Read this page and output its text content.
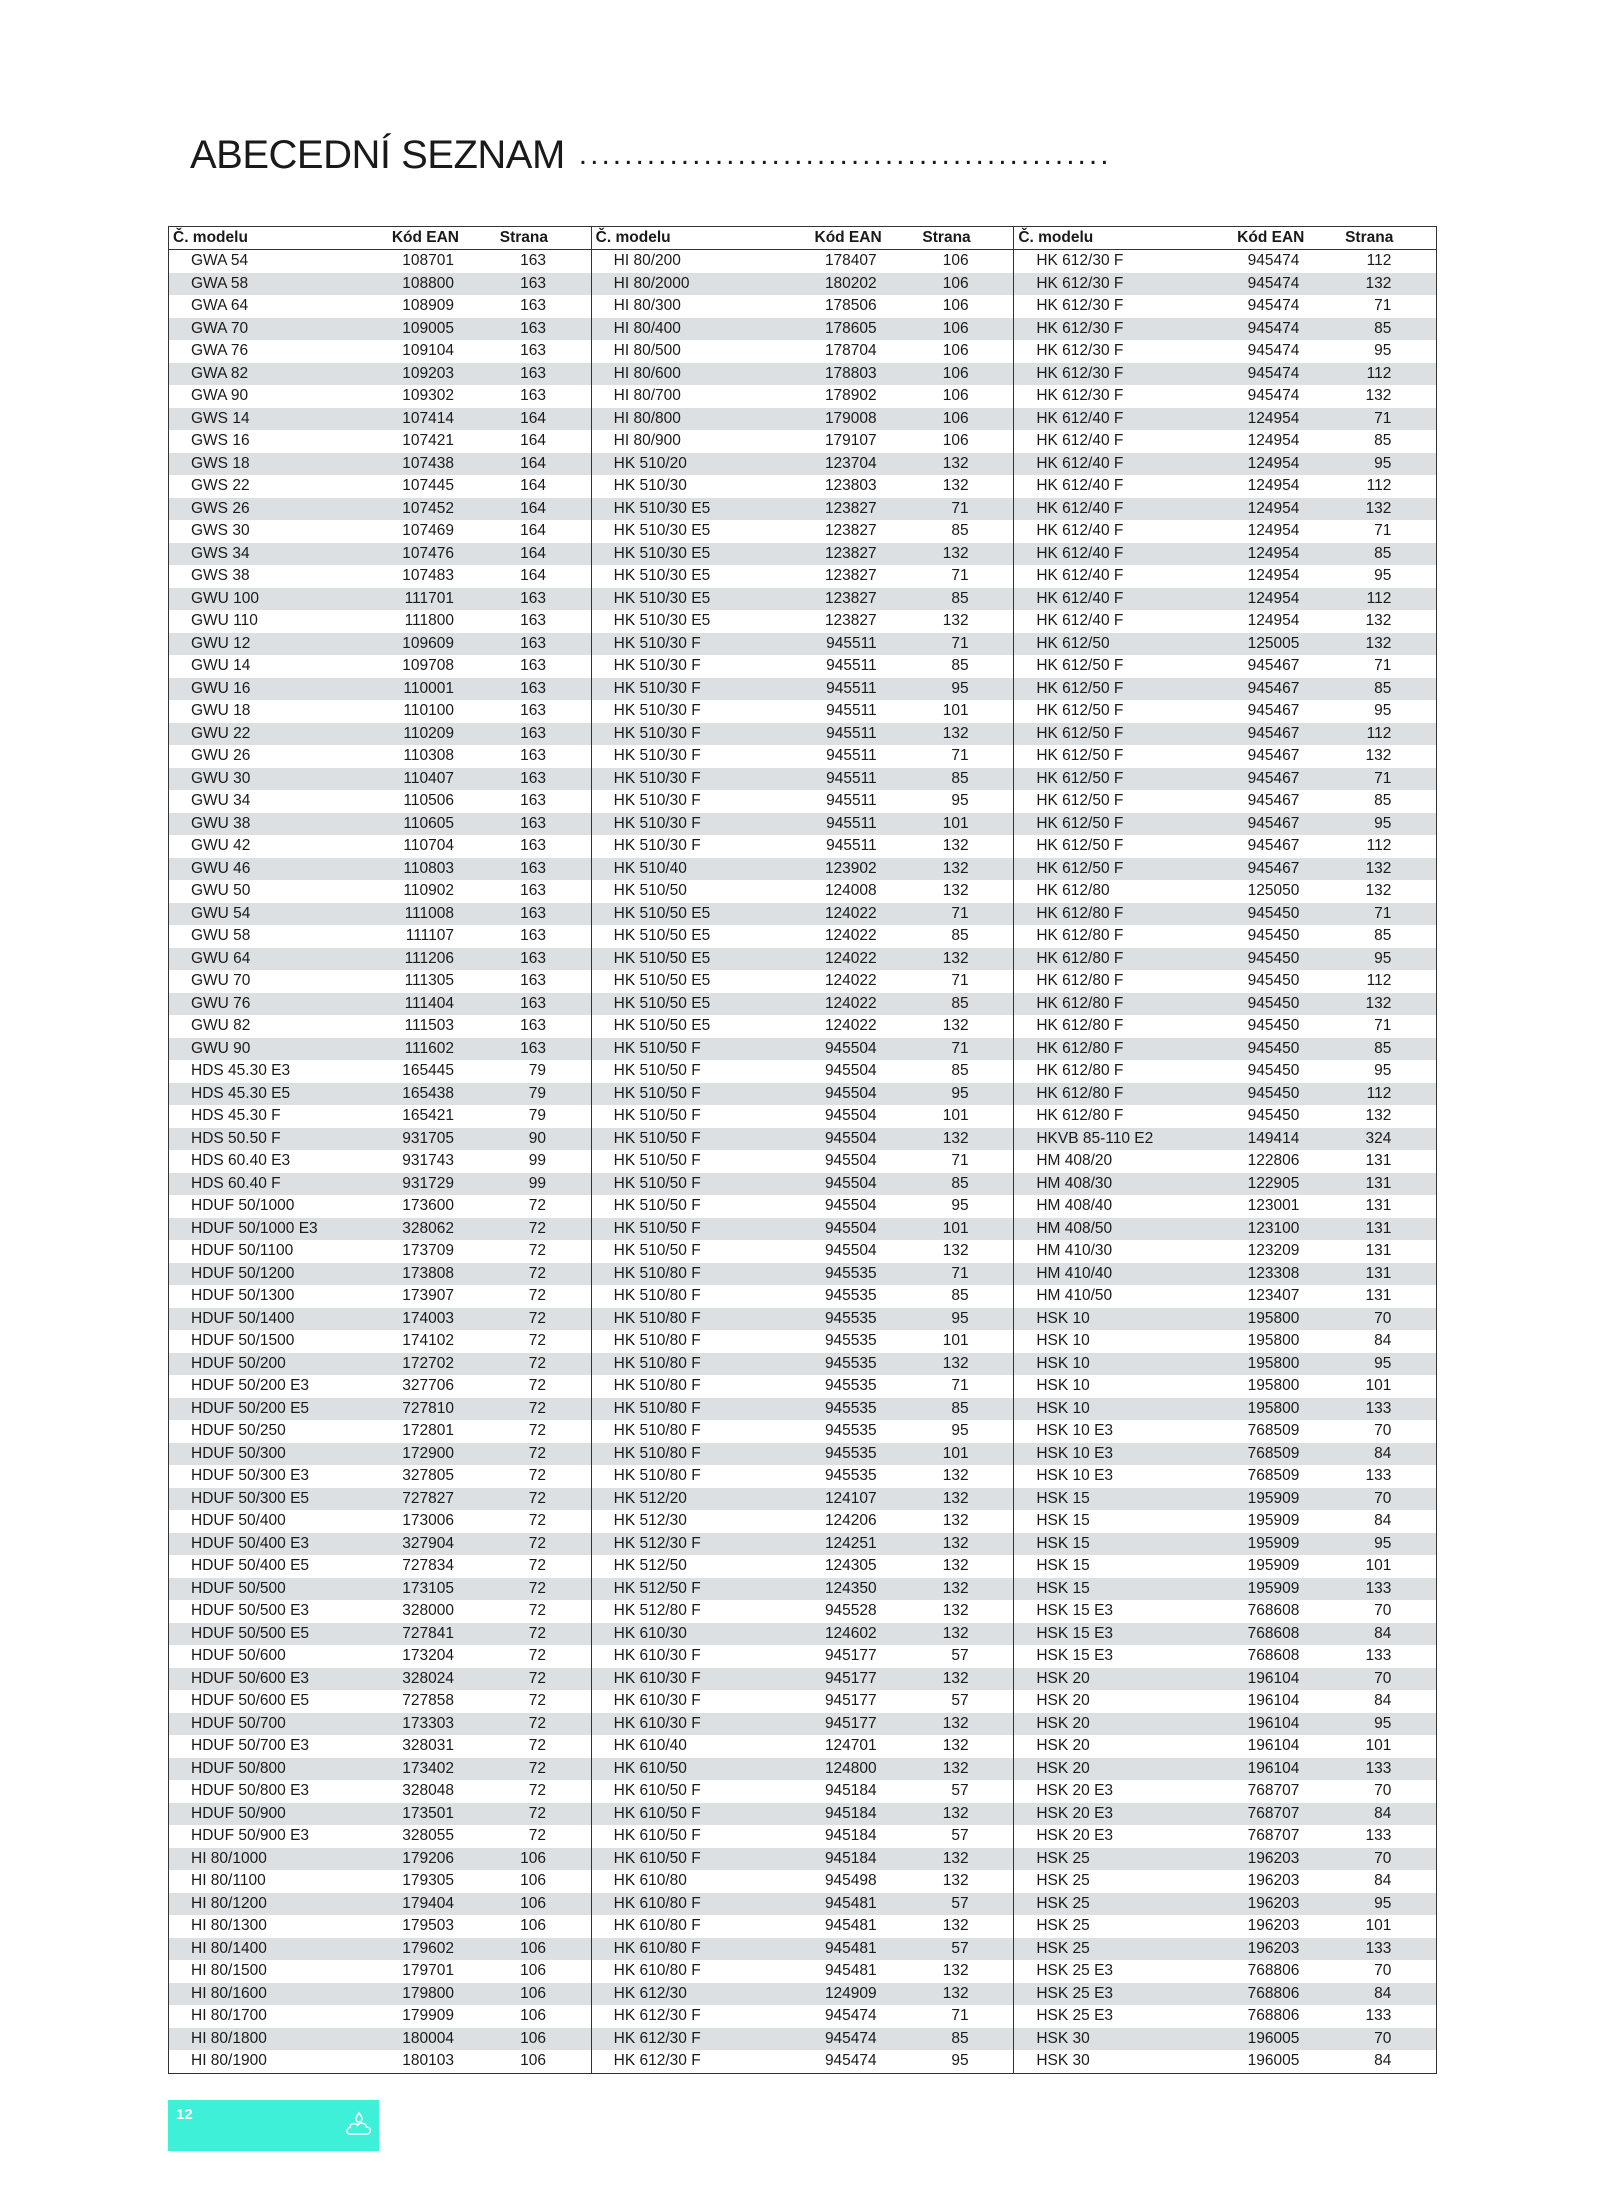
ABECEDNÍ SEZNAM ...............................................
Č. modelu	Kód EAN	Strana
GWA 54	108701	163
GWA 58	108800	163
GWA 64	108909	163
GWA 70	109005	163
GWA 76	109104	163
GWA 82	109203	163
GWA 90	109302	163
GWS 14	107414	164
GWS 16	107421	164
GWS 18	107438	164
GWS 22	107445	164
GWS 26	107452	164
GWS 30	107469	164
GWS 34	107476	164
GWS 38	107483	164
GWU 100	111701	163
GWU 110	111800	163
GWU 12	109609	163
GWU 14	109708	163
GWU 16	110001	163
GWU 18	110100	163
GWU 22	110209	163
GWU 26	110308	163
GWU 30	110407	163
GWU 34	110506	163
GWU 38	110605	163
GWU 42	110704	163
GWU 46	110803	163
GWU 50	110902	163
GWU 54	111008	163
GWU 58	111107	163
GWU 64	111206	163
GWU 70	111305	163
GWU 76	111404	163
GWU 82	111503	163
GWU 90	111602	163
HDS 45.30 E3	165445	79
HDS 45.30 E5	165438	79
HDS 45.30 F	165421	79
HDS 50.50 F	931705	90
HDS 60.40 E3	931743	99
HDS 60.40 F	931729	99
HDUF 50/1000	173600	72
HDUF 50/1000 E3	328062	72
HDUF 50/1100	173709	72
HDUF 50/1200	173808	72
HDUF 50/1300	173907	72
HDUF 50/1400	174003	72
HDUF 50/1500	174102	72
HDUF 50/200	172702	72
HDUF 50/200 E3	327706	72
HDUF 50/200 E5	727810	72
HDUF 50/250	172801	72
HDUF 50/300	172900	72
HDUF 50/300 E3	327805	72
HDUF 50/300 E5	727827	72
HDUF 50/400	173006	72
HDUF 50/400 E3	327904	72
HDUF 50/400 E5	727834	72
HDUF 50/500	173105	72
HDUF 50/500 E3	328000	72
HDUF 50/500 E5	727841	72
HDUF 50/600	173204	72
HDUF 50/600 E3	328024	72
HDUF 50/600 E5	727858	72
HDUF 50/700	173303	72
HDUF 50/700 E3	328031	72
HDUF 50/800	173402	72
HDUF 50/800 E3	328048	72
HDUF 50/900	173501	72
HDUF 50/900 E3	328055	72
HI 80/1000	179206	106
HI 80/1100	179305	106
HI 80/1200	179404	106
HI 80/1300	179503	106
HI 80/1400	179602	106
HI 80/1500	179701	106
HI 80/1600	179800	106
HI 80/1700	179909	106
HI 80/1800	180004	106
HI 80/1900	180103	106
Č. modelu	Kód EAN	Strana
HI 80/200	178407	106
HI 80/2000	180202	106
HI 80/300	178506	106
HI 80/400	178605	106
HI 80/500	178704	106
HI 80/600	178803	106
HI 80/700	178902	106
HI 80/800	179008	106
HI 80/900	179107	106
HK 510/20	123704	132
HK 510/30	123803	132
HK 510/30 E5	123827	71
HK 510/30 E5	123827	85
HK 510/30 E5	123827	132
HK 510/30 E5	123827	71
HK 510/30 E5	123827	85
HK 510/30 E5	123827	132
HK 510/30 F	945511	71
HK 510/30 F	945511	85
HK 510/30 F	945511	95
HK 510/30 F	945511	101
HK 510/30 F	945511	132
HK 510/30 F	945511	71
HK 510/30 F	945511	85
HK 510/30 F	945511	95
HK 510/30 F	945511	101
HK 510/30 F	945511	132
HK 510/40	123902	132
HK 510/50	124008	132
HK 510/50 E5	124022	71
HK 510/50 E5	124022	85
HK 510/50 E5	124022	132
HK 510/50 E5	124022	71
HK 510/50 E5	124022	85
HK 510/50 E5	124022	132
HK 510/50 F	945504	71
HK 510/50 F	945504	85
HK 510/50 F	945504	95
HK 510/50 F	945504	101
HK 510/50 F	945504	132
HK 510/50 F	945504	71
HK 510/50 F	945504	85
HK 510/50 F	945504	95
HK 510/50 F	945504	101
HK 510/50 F	945504	132
HK 510/80 F	945535	71
HK 510/80 F	945535	85
HK 510/80 F	945535	95
HK 510/80 F	945535	101
HK 510/80 F	945535	132
HK 510/80 F	945535	71
HK 510/80 F	945535	85
HK 510/80 F	945535	95
HK 510/80 F	945535	101
HK 510/80 F	945535	132
HK 512/20	124107	132
HK 512/30	124206	132
HK 512/30 F	124251	132
HK 512/50	124305	132
HK 512/50 F	124350	132
HK 512/80 F	945528	132
HK 610/30	124602	132
HK 610/30 F	945177	57
HK 610/30 F	945177	132
HK 610/30 F	945177	57
HK 610/30 F	945177	132
HK 610/40	124701	132
HK 610/50	124800	132
HK 610/50 F	945184	57
HK 610/50 F	945184	132
HK 610/50 F	945184	57
HK 610/50 F	945184	132
HK 610/80	945498	132
HK 610/80 F	945481	57
HK 610/80 F	945481	132
HK 610/80 F	945481	57
HK 610/80 F	945481	132
HK 612/30	124909	132
HK 612/30 F	945474	71
HK 612/30 F	945474	85
HK 612/30 F	945474	95
Č. modelu	Kód EAN	Strana
HK 612/30 F	945474	112
HK 612/30 F	945474	132
HK 612/30 F	945474	71
HK 612/30 F	945474	85
HK 612/30 F	945474	95
HK 612/30 F	945474	112
HK 612/30 F	945474	132
HK 612/40 F	124954	71
HK 612/40 F	124954	85
HK 612/40 F	124954	95
HK 612/40 F	124954	112
HK 612/40 F	124954	132
HK 612/40 F	124954	71
HK 612/40 F	124954	85
HK 612/40 F	124954	95
HK 612/40 F	124954	112
HK 612/40 F	124954	132
HK 612/50	125005	132
HK 612/50 F	945467	71
HK 612/50 F	945467	85
HK 612/50 F	945467	95
HK 612/50 F	945467	112
HK 612/50 F	945467	132
HK 612/50 F	945467	71
HK 612/50 F	945467	85
HK 612/50 F	945467	95
HK 612/50 F	945467	112
HK 612/50 F	945467	132
HK 612/80	125050	132
HK 612/80 F	945450	71
HK 612/80 F	945450	85
HK 612/80 F	945450	95
HK 612/80 F	945450	112
HK 612/80 F	945450	132
HK 612/80 F	945450	71
HK 612/80 F	945450	85
HK 612/80 F	945450	95
HK 612/80 F	945450	112
HK 612/80 F	945450	132
HKVB 85-110 E2	149414	324
HM 408/20	122806	131
HM 408/30	122905	131
HM 408/40	123001	131
HM 408/50	123100	131
HM 410/30	123209	131
HM 410/40	123308	131
HM 410/50	123407	131
HSK 10	195800	70
HSK 10	195800	84
HSK 10	195800	95
HSK 10	195800	101
HSK 10	195800	133
HSK 10 E3	768509	70
HSK 10 E3	768509	84
HSK 10 E3	768509	133
HSK 15	195909	70
HSK 15	195909	84
HSK 15	195909	95
HSK 15	195909	101
HSK 15	195909	133
HSK 15 E3	768608	70
HSK 15 E3	768608	84
HSK 15 E3	768608	133
HSK 20	196104	70
HSK 20	196104	84
HSK 20	196104	95
HSK 20	196104	101
HSK 20	196104	133
HSK 20 E3	768707	70
HSK 20 E3	768707	84
HSK 20 E3	768707	133
HSK 25	196203	70
HSK 25	196203	84
HSK 25	196203	95
HSK 25	196203	101
HSK 25	196203	133
HSK 25 E3	768806	70
HSK 25 E3	768806	84
HSK 25 E3	768806	133
HSK 30	196005	70
HSK 30	196005	84
12
